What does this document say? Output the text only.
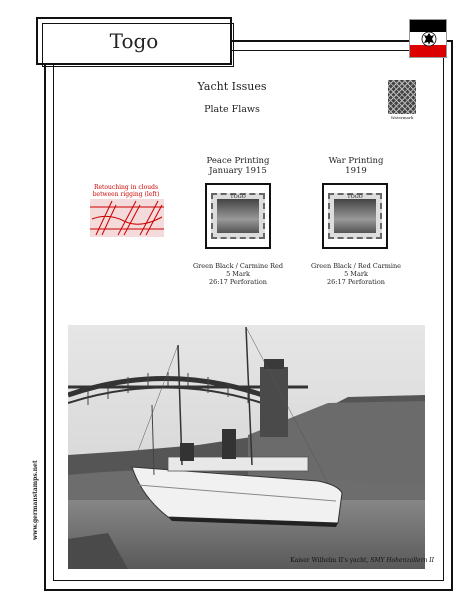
Togo
Yacht Issues
Plate Flaws
Watermark
Retouching in clouds between rigging (left)
Peace Printing
January 1915
TOGO
Green Black / Carmine Red
5 Mark
26:17 Perforation
War Printing
1919
TOGO
Green Black / Red Carmine
5 Mark
26:17 Perforation
Kaiser Wilhelm II's yacht, SMY Hohenzollern II
www.germanstamps.net
